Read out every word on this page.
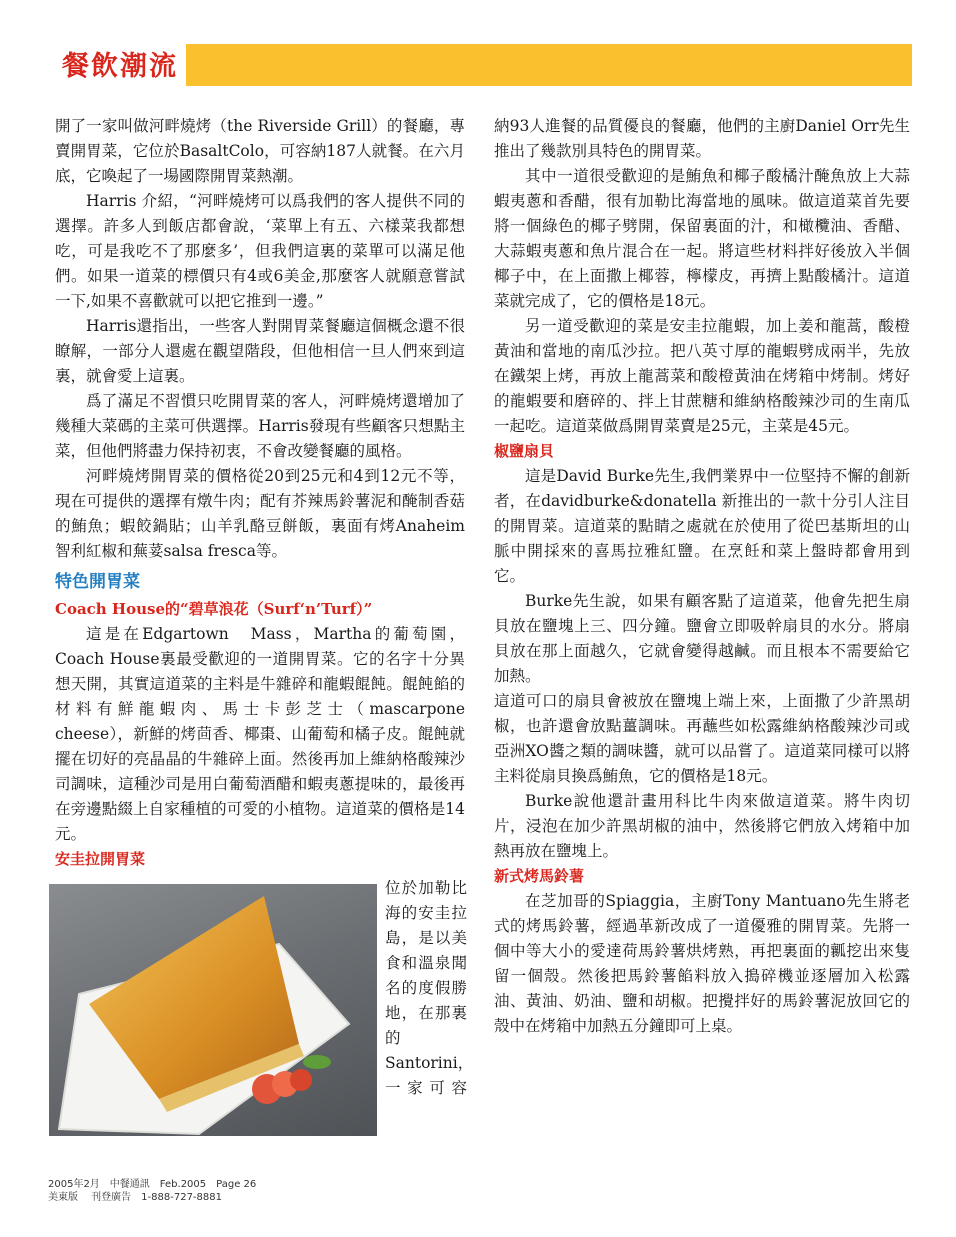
餐飲潮流

開了一家叫做河畔燒烤（the Riverside Grill）的餐廳，專賣開胃菜，它位於BasaltColo，可容納187人就餐。在六月底，它喚起了一場國際開胃菜熱潮。

Harris 介紹，“河畔燒烤可以爲我們的客人提供不同的選擇。許多人到飯店都會說，‘菜單上有五、六樣菜我都想吃，可是我吃不了那麼多’，但我們這裏的菜單可以滿足他們。如果一道菜的標價只有4或6美金,那麼客人就願意嘗試一下,如果不喜歡就可以把它推到一邊。”

Harris還指出，一些客人對開胃菜餐廳這個概念還不很瞭解，一部分人還處在觀望階段，但他相信一旦人們來到這裏，就會愛上這裏。

爲了滿足不習慣只吃開胃菜的客人，河畔燒烤還增加了幾種大菜碼的主菜可供選擇。Harris發現有些顧客只想點主菜，但他們將盡力保持初衷，不會改變餐廳的風格。

河畔燒烤開胃菜的價格從20到25元和4到12元不等，現在可提供的選擇有燉牛肉；配有芥辣馬鈴薯泥和醃制香菇的鮪魚；蝦餃鍋貼；山羊乳酪豆餅飯，裏面有烤Anaheim 智利紅椒和蕪荽salsa fresca等。

特色開胃菜
Coach House的“碧草浪花（Surf‘n’Turf）”

這是在Edgartown　Mass，Martha的葡萄園，Coach House裏最受歡迎的一道開胃菜。它的名字十分異想天開，其實這道菜的主料是牛雜碎和龍蝦餛飩。餛飩餡的材料有鮮龍蝦肉、馬士卡彭芝士（mascarpone cheese），新鮮的烤茴香、椰棗、山葡萄和橘子皮。餛飩就擺在切好的亮晶晶的牛雜碎上面。然後再加上維納格酸辣沙司調味，這種沙司是用白葡萄酒醋和蝦夷蔥提味的，最後再在旁邊點綴上自家種植的可愛的小植物。這道菜的價格是14元。

安圭拉開胃菜
位於加勒比海的安圭拉島，是以美食和溫泉聞名的度假勝地，在那裏的Santorini，一家可容

納93人進餐的品質優良的餐廳，他們的主廚Daniel Orr先生推出了幾款別具特色的開胃菜。

其中一道很受歡迎的是鮪魚和椰子酸橘汁醃魚放上大蒜蝦夷蔥和香醋，很有加勒比海當地的風味。做這道菜首先要將一個綠色的椰子劈開，保留裏面的汁，和橄欖油、香醋、大蒜蝦夷蔥和魚片混合在一起。將這些材料拌好後放入半個椰子中，在上面撒上椰蓉，檸檬皮，再擠上點酸橘汁。這道菜就完成了，它的價格是18元。

另一道受歡迎的菜是安圭拉龍蝦，加上姜和龍蒿，酸橙黃油和當地的南瓜沙拉。把八英寸厚的龍蝦劈成兩半，先放在鐵架上烤，再放上龍蒿菜和酸橙黃油在烤箱中烤制。烤好的龍蝦要和磨碎的、拌上甘蔗糖和維納格酸辣沙司的生南瓜一起吃。這道菜做爲開胃菜賣是25元，主菜是45元。

椒鹽扇貝

這是David Burke先生,我們業界中一位堅持不懈的創新者，在davidburke&donatella 新推出的一款十分引人注目的開胃菜。這道菜的點睛之處就在於使用了從巴基斯坦的山脈中開採來的喜馬拉雅紅鹽。在烹飪和菜上盤時都會用到它。

Burke先生說，如果有顧客點了這道菜，他會先把生扇貝放在鹽塊上三、四分鐘。鹽會立即吸幹扇貝的水分。將扇貝放在那上面越久，它就會變得越鹹。而且根本不需要給它加熱。

這道可口的扇貝會被放在鹽塊上端上來，上面撒了少許黑胡椒，也許還會放點薑調味。再蘸些如松露維納格酸辣沙司或亞洲XO醬之類的調味醬，就可以品嘗了。這道菜同樣可以將主料從扇貝換爲鮪魚，它的價格是18元。

Burke說他還計畫用科比牛肉來做這道菜。將牛肉切片，浸泡在加少許黑胡椒的油中，然後將它們放入烤箱中加熱再放在鹽塊上。

新式烤馬鈴薯

在芝加哥的Spiaggia，主廚Tony Mantuano先生將老式的烤馬鈴薯，經過革新改成了一道優雅的開胃菜。先將一個中等大小的愛達荷馬鈴薯烘烤熟，再把裏面的瓤挖出來隻留一個殼。然後把馬鈴薯餡料放入搗碎機並逐層加入松露油、黃油、奶油、鹽和胡椒。把攪拌好的馬鈴薯泥放回它的殼中在烤箱中加熱五分鐘即可上桌。

2005年2月　中餐通訊　Feb.2005　Page 26
美東版　 刊登廣告　1-888-727-8881
